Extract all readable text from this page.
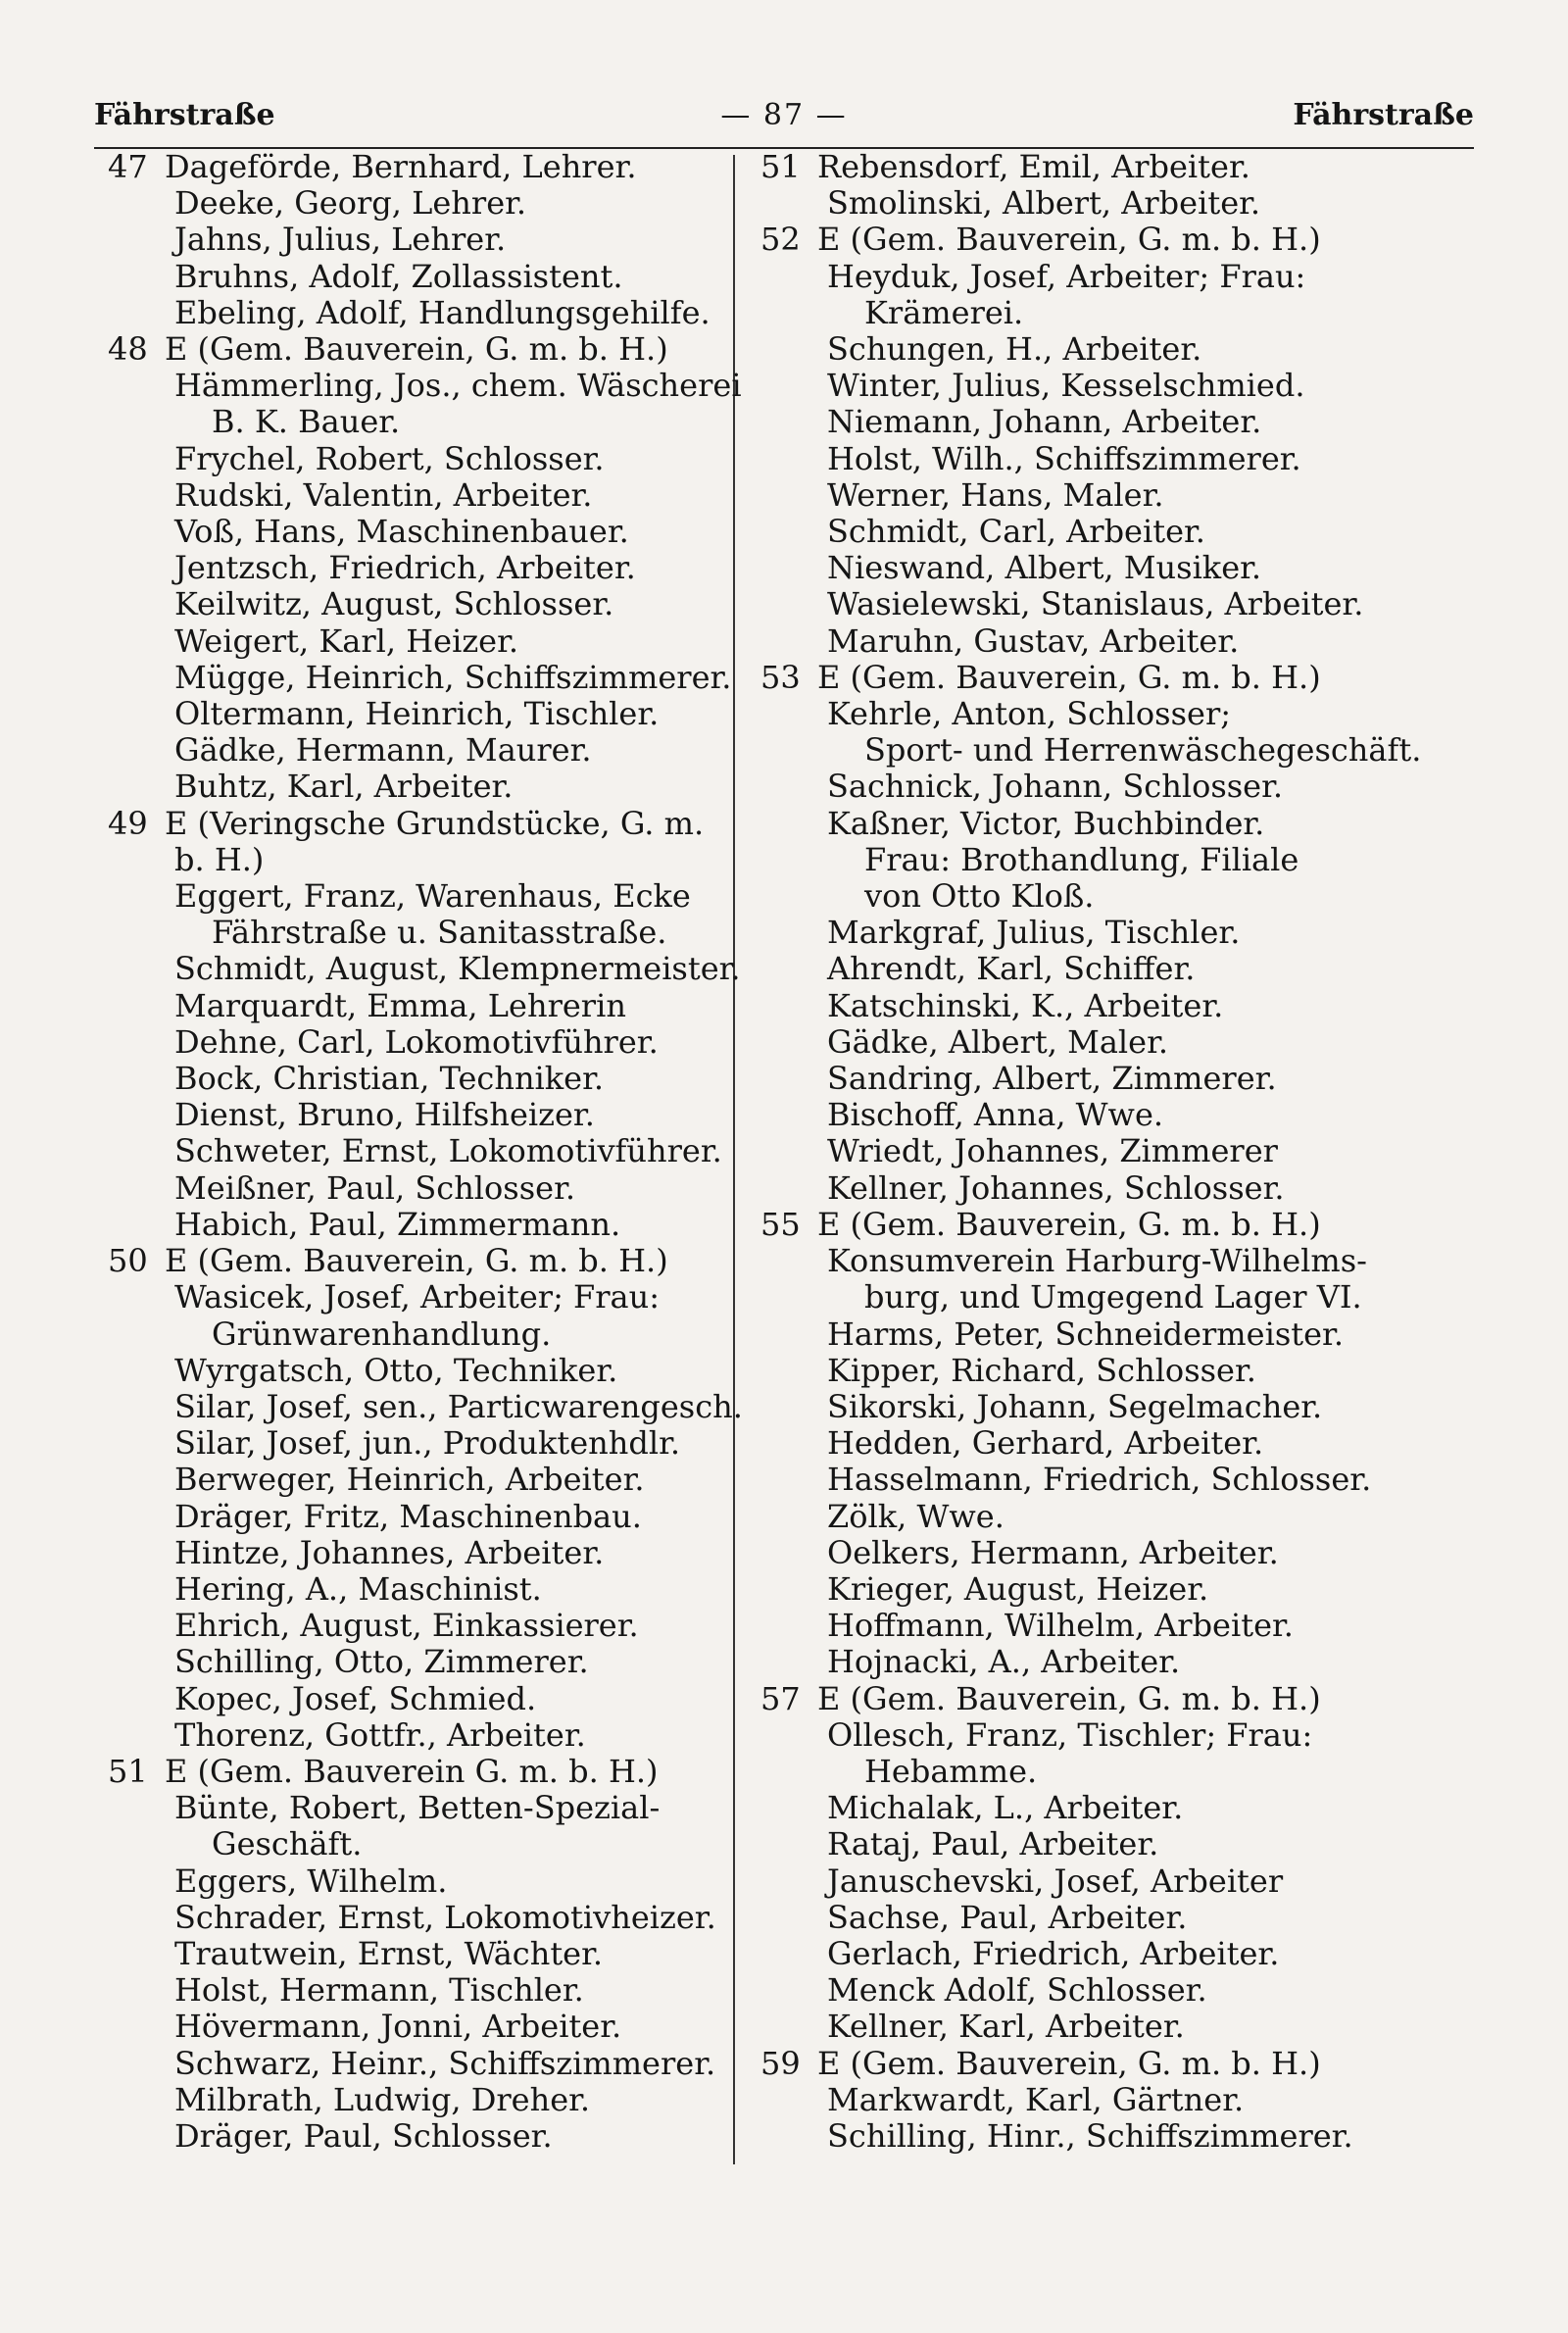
Fährstraße	— 87 —	Fährstraße
47 Dageförde, Bernhard, Lehrer.
Deeke, Georg, Lehrer.
Jahns, Julius, Lehrer.
Bruhns, Adolf, Zollassistent.
Ebeling, Adolf, Handlungsgehilfe.
48 E (Gem. Bauverein, G. m. b. H.)
Hämmerling, Jos., chem. Wäscherei
B. K. Bauer.
Frychel, Robert, Schlosser.
Rudski, Valentin, Arbeiter.
Voß, Hans, Maschinenbauer.
Jentzsch, Friedrich, Arbeiter.
Keilwitz, August, Schlosser.
Weigert, Karl, Heizer.
Mügge, Heinrich, Schiffszimmerer.
Oltermann, Heinrich, Tischler.
Gädke, Hermann, Maurer.
Buhtz, Karl, Arbeiter.
49 E (Veringsche Grundstücke, G. m.
b. H.)
Eggert, Franz, Warenhaus, Ecke
Fährstraße u. Sanitasstraße.
Schmidt, August, Klempnermeister.
Marquardt, Emma, Lehrerin
Dehne, Carl, Lokomotivführer.
Bock, Christian, Techniker.
Dienst, Bruno, Hilfsheizer.
Schweter, Ernst, Lokomotivführer.
Meißner, Paul, Schlosser.
Habich, Paul, Zimmermann.
50 E (Gem. Bauverein, G. m. b. H.)
Wasicek, Josef, Arbeiter; Frau:
Grünwarenhandlung.
Wyrgatsch, Otto, Techniker.
Silar, Josef, sen., Particwarengesch.
Silar, Josef, jun., Produktenhdlr.
Berweger, Heinrich, Arbeiter.
Dräger, Fritz, Maschinenbau.
Hintze, Johannes, Arbeiter.
Hering, A., Maschinist.
Ehrich, August, Einkassierer.
Schilling, Otto, Zimmerer.
Kopec, Josef, Schmied.
Thorenz, Gottfr., Arbeiter.
51 E (Gem. Bauverein G. m. b. H.)
Bünte, Robert, Betten-Spezial-
Geschäft.
Eggers, Wilhelm.
Schrader, Ernst, Lokomotivheizer.
Trautwein, Ernst, Wächter.
Holst, Hermann, Tischler.
Hövermann, Jonni, Arbeiter.
Schwarz, Heinr., Schiffszimmerer.
Milbrath, Ludwig, Dreher.
Dräger, Paul, Schlosser.
51 Rebensdorf, Emil, Arbeiter.
Smolinski, Albert, Arbeiter.
52 E (Gem. Bauverein, G. m. b. H.)
Heyduk, Josef, Arbeiter; Frau:
Krämerei.
Schungen, H., Arbeiter.
Winter, Julius, Kesselschmied.
Niemann, Johann, Arbeiter.
Holst, Wilh., Schiffszimmerer.
Werner, Hans, Maler.
Schmidt, Carl, Arbeiter.
Nieswand, Albert, Musiker.
Wasielewski, Stanislaus, Arbeiter.
Maruhn, Gustav, Arbeiter.
53 E (Gem. Bauverein, G. m. b. H.)
Kehrle, Anton, Schlosser;
Sport- und Herrenwäschegeschäft.
Sachnick, Johann, Schlosser.
Kaßner, Victor, Buchbinder.
Frau: Brothandlung, Filiale
von Otto Kloß.
Markgraf, Julius, Tischler.
Ahrendt, Karl, Schiffer.
Katschinski, K., Arbeiter.
Gädke, Albert, Maler.
Sandring, Albert, Zimmerer.
Bischoff, Anna, Wwe.
Wriedt, Johannes, Zimmerer
Kellner, Johannes, Schlosser.
55 E (Gem. Bauverein, G. m. b. H.)
Konsumverein Harburg-Wilhelms-
burg, und Umgegend Lager VI.
Harms, Peter, Schneidermeister.
Kipper, Richard, Schlosser.
Sikorski, Johann, Segelmacher.
Hedden, Gerhard, Arbeiter.
Hasselmann, Friedrich, Schlosser.
Zölk, Wwe.
Oelkers, Hermann, Arbeiter.
Krieger, August, Heizer.
Hoffmann, Wilhelm, Arbeiter.
Hojnacki, A., Arbeiter.
57 E (Gem. Bauverein, G. m. b. H.)
Ollesch, Franz, Tischler; Frau:
Hebamme.
Michalak, L., Arbeiter.
Rataj, Paul, Arbeiter.
Januschevski, Josef, Arbeiter
Sachse, Paul, Arbeiter.
Gerlach, Friedrich, Arbeiter.
Menck Adolf, Schlosser.
Kellner, Karl, Arbeiter.
59 E (Gem. Bauverein, G. m. b. H.)
Markwardt, Karl, Gärtner.
Schilling, Hinr., Schiffszimmerer.
